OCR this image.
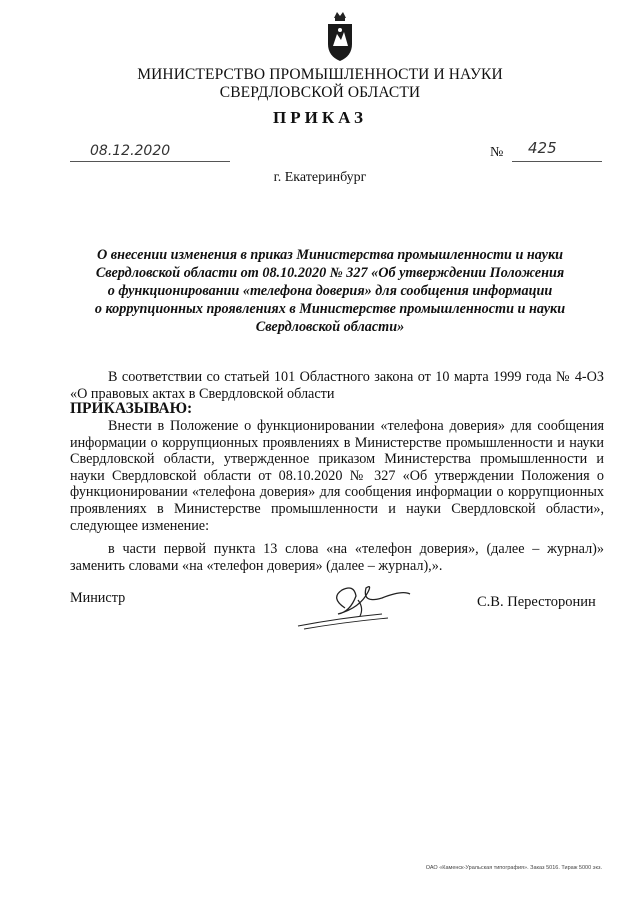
МИНИСТЕРСТВО ПРОМЫШЛЕННОСТИ И НАУКИ
СВЕРДЛОВСКОЙ ОБЛАСТИ
ПРИКАЗ
08.12.2020	№ 425
г. Екатеринбург
О внесении изменения в приказ Министерства промышленности и науки
Свердловской области от 08.10.2020 № 327 «Об утверждении Положения
о функционировании «телефона доверия» для сообщения информации
о коррупционных проявлениях в Министерстве промышленности и науки
Свердловской области»
В соответствии со статьей 101 Областного закона от 10 марта 1999 года № 4-ОЗ «О правовых актах в Свердловской области
ПРИКАЗЫВАЮ:
Внести в Положение о функционировании «телефона доверия» для сообщения информации о коррупционных проявлениях в Министерстве промышленности и науки Свердловской области, утвержденное приказом Министерства промышленности и науки Свердловской области от 08.10.2020 № 327 «Об утверждении Положения о функционировании «телефона доверия» для сообщения информации о коррупционных проявлениях в Министерстве промышленности и науки Свердловской области», следующее изменение:
в части первой пункта 13 слова «на «телефон доверия», (далее – журнал)» заменить словами «на «телефон доверия» (далее – журнал),».
Министр	С.В. Пересторонин
ОАО «Каменск-Уральская типография». Заказ 5016. Тираж 5000 экз.
